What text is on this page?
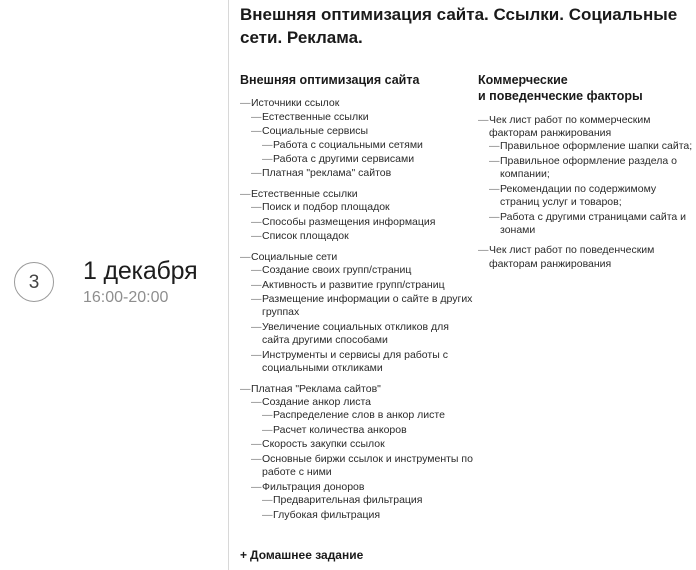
3 1 декабря
16:00-20:00
Внешняя оптимизация сайта. Ссылки. Социальные сети. Реклама.
Внешняя оптимизация сайта
— Источники ссылок
— Естественные ссылки
— Социальные сервисы
— Работа с социальными сетями
— Работа с другими сервисами
— Платная "реклама" сайтов
— Естественные ссылки
— Поиск и подбор площадок
— Способы размещения информация
— Список площадок
— Социальные сети
— Создание своих групп/страниц
— Активность и развитие групп/страниц
— Размещение информации о сайте в других группах
— Увеличение социальных откликов для сайта другими способами
— Инструменты и сервисы для работы с социальными откликами
— Платная "Реклама сайтов"
— Создание анкор листа
— Распределение слов в анкор листе
— Расчет количества анкоров
— Скорость закупки ссылок
— Основные биржи ссылок и инструменты по работе с ними
— Фильтрация доноров
— Предварительная фильтрация
— Глубокая фильтрация
Коммерческие
и поведенческие факторы
— Чек лист работ по коммерческим факторам ранжирования
— Правильное оформление шапки сайта;
— Правильное оформление раздела о компании;
— Рекомендации по содержимому страниц услуг и товаров;
— Работа с другими страницами сайта и зонами
— Чек лист работ по поведенческим факторам ранжирования
+ Домашнее задание
